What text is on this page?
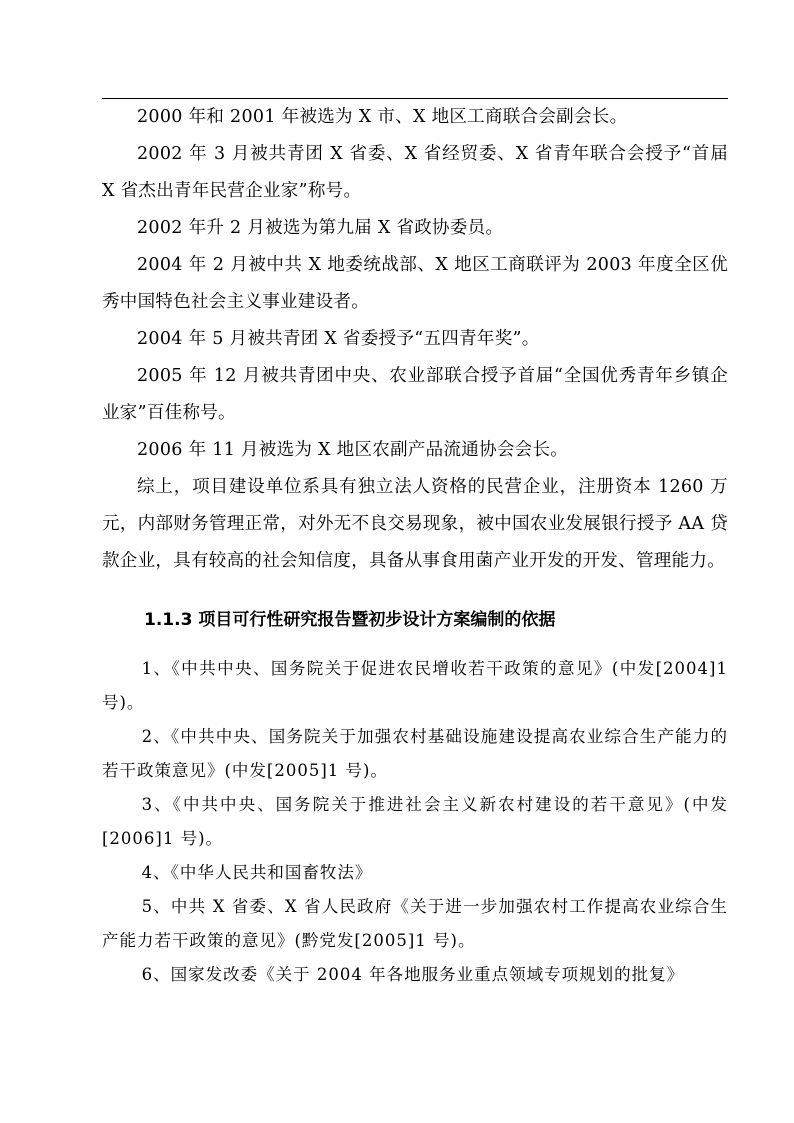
2000 年和 2001 年被选为 X 市、X 地区工商联合会副会长。

2002 年 3 月被共青团 X 省委、X 省经贸委、X 省青年联合会授予“首届 X 省杰出青年民营企业家”称号。

2002 年升 2 月被选为第九届 X 省政协委员。

2004 年 2 月被中共 X 地委统战部、X 地区工商联评为 2003 年度全区优秀中国特色社会主义事业建设者。

2004 年 5 月被共青团 X 省委授予“五四青年奖”。

2005 年 12 月被共青团中央、农业部联合授予首届“全国优秀青年乡镇企业家”百佳称号。

2006 年 11 月被选为 X 地区农副产品流通协会会长。

综上，项目建设单位系具有独立法人资格的民营企业，注册资本 1260 万元，内部财务管理正常，对外无不良交易现象，被中国农业发展银行授予 AA 贷款企业，具有较高的社会知信度，具备从事食用菌产业开发的开发、管理能力。

1.1.3 项目可行性研究报告暨初步设计方案编制的依据

1、《中共中央、国务院关于促进农民增收若干政策的意见》(中发[2004]1 号)。

2、《中共中央、国务院关于加强农村基础设施建设提高农业综合生产能力的若干政策意见》(中发[2005]1 号)。

3、《中共中央、国务院关于推进社会主义新农村建设的若干意见》(中发[2006]1 号)。

4、《中华人民共和国畜牧法》

5、中共 X 省委、X 省人民政府《关于进一步加强农村工作提高农业综合生产能力若干政策的意见》(黔党发[2005]1 号)。

6、国家发改委《关于 2004 年各地服务业重点领域专项规划的批复》
